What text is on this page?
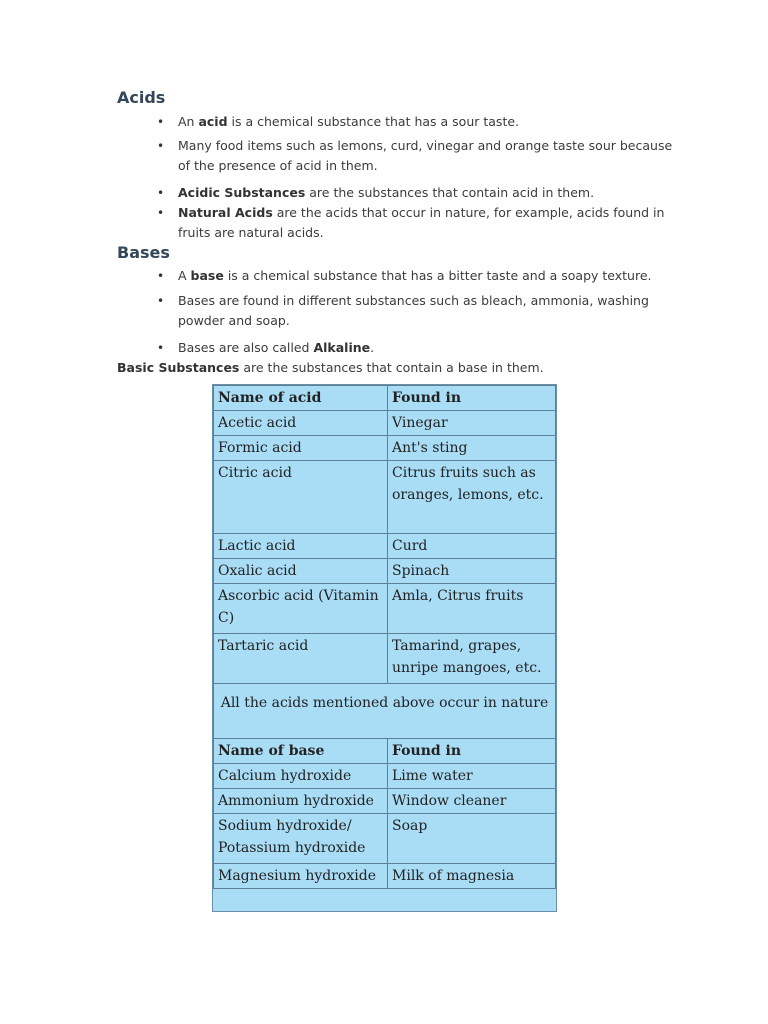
Acids
• An acid is a chemical substance that has a sour taste.
• Many food items such as lemons, curd, vinegar and orange taste sour because of the presence of acid in them.
• Acidic Substances are the substances that contain acid in them.
• Natural Acids are the acids that occur in nature, for example, acids found in fruits are natural acids.
Bases
• A base is a chemical substance that has a bitter taste and a soapy texture.
• Bases are found in different substances such as bleach, ammonia, washing powder and soap.
• Bases are also called Alkaline.
Basic Substances are the substances that contain a base in them.
Name of acid	Found in
Acetic acid	Vinegar
Formic acid	Ant's sting
Citric acid	Citrus fruits such as oranges, lemons, etc.
Lactic acid	Curd
Oxalic acid	Spinach
Ascorbic acid (Vitamin C)	Amla, Citrus fruits
Tartaric acid	Tamarind, grapes, unripe mangoes, etc.
All the acids mentioned above occur in nature	
Name of base	Found in
Calcium hydroxide	Lime water
Ammonium hydroxide	Window cleaner
Sodium hydroxide/ Potassium hydroxide	Soap
Magnesium hydroxide	Milk of magnesia
